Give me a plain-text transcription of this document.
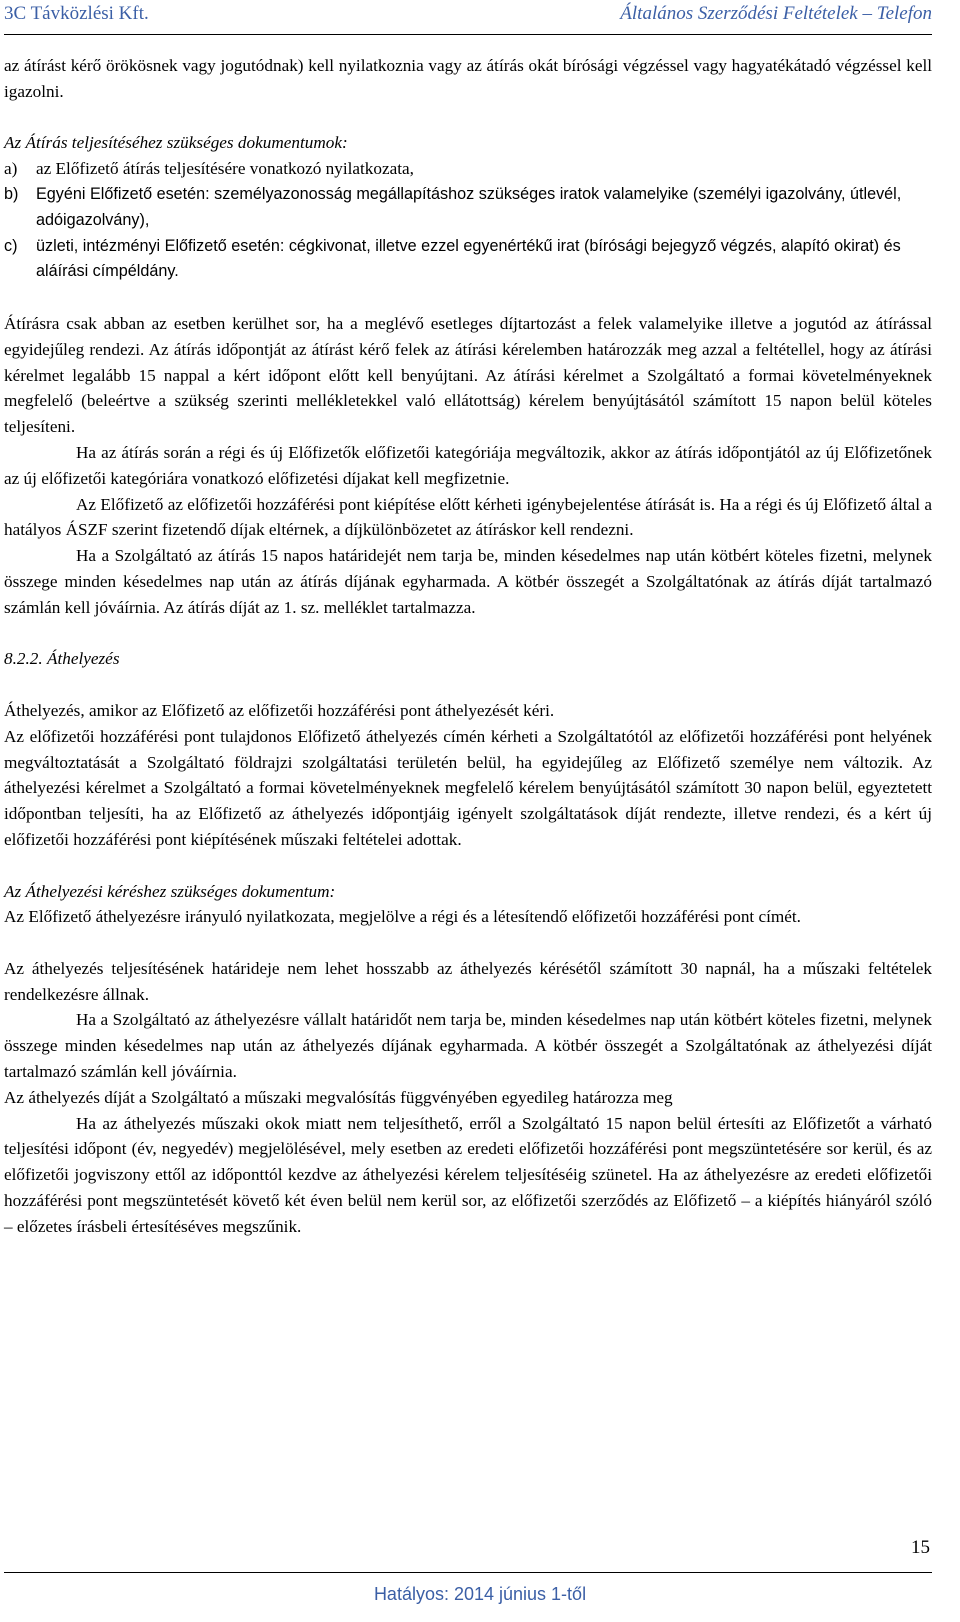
3C Távközlési Kft.	Általános Szerződési Feltételek – Telefon

az átírást kérő örökösnek vagy jogutódnak) kell nyilatkoznia vagy az átírás okát bírósági végzéssel vagy hagyatékátadó végzéssel kell igazolni.

Az Átírás teljesítéséhez szükséges dokumentumok:

a)	az Előfizető átírás teljesítésére vonatkozó nyilatkozata,
b)	Egyéni Előfizető esetén: személyazonosság megállapításhoz szükséges iratok valamelyike (személyi igazolvány, útlevél, adóigazolvány),
c)	üzleti, intézményi Előfizető esetén: cégkivonat, illetve ezzel egyenértékű irat (bírósági bejegyző végzés, alapító okirat) és aláírási címpéldány.

Átírásra csak abban az esetben kerülhet sor, ha a meglévő esetleges díjtartozást a felek valamelyike illetve a jogutód az átírással egyidejűleg rendezi. Az átírás időpontját az átírást kérő felek az átírási kérelemben határozzák meg azzal a feltétellel, hogy az átírási kérelmet legalább 15 nappal a kért időpont előtt kell benyújtani. Az átírási kérelmet a Szolgáltató a formai követelményeknek megfelelő (beleértve a szükség szerinti mellékletekkel való ellátottság) kérelem benyújtásától számított 15 napon belül köteles teljesíteni.

Ha az átírás során a régi és új Előfizetők előfizetői kategóriája megváltozik, akkor az átírás időpontjától az új Előfizetőnek az új előfizetői kategóriára vonatkozó előfizetési díjakat kell megfizetnie.

Az Előfizető az előfizetői hozzáférési pont kiépítése előtt kérheti igénybejelentése átírását is. Ha a régi és új Előfizető által a hatályos ÁSZF szerint fizetendő díjak eltérnek, a díjkülönbözetet az átíráskor kell rendezni.

Ha a Szolgáltató az átírás 15 napos határidejét nem tarja be, minden késedelmes nap után kötbért köteles fizetni, melynek összege minden késedelmes nap után az átírás díjának egyharmada. A kötbér összegét a Szolgáltatónak az átírás díját tartalmazó számlán kell jóváírnia. Az átírás díját az 1. sz. melléklet tartalmazza.

8.2.2. Áthelyezés

Áthelyezés, amikor az Előfizető az előfizetői hozzáférési pont áthelyezését kéri.

Az előfizetői hozzáférési pont tulajdonos Előfizető áthelyezés címén kérheti a Szolgáltatótól az előfizetői hozzáférési pont helyének megváltoztatását a Szolgáltató földrajzi szolgáltatási területén belül, ha egyidejűleg az Előfizető személye nem változik. Az áthelyezési kérelmet a Szolgáltató a formai követelményeknek megfelelő kérelem benyújtásától számított 30 napon belül, egyeztetett időpontban teljesíti, ha az Előfizető az áthelyezés időpontjáig igényelt szolgáltatások díját rendezte, illetve rendezi, és a kért új előfizetői hozzáférési pont kiépítésének műszaki feltételei adottak.

Az Áthelyezési kéréshez szükséges dokumentum:

Az Előfizető áthelyezésre irányuló nyilatkozata, megjelölve a régi és a létesítendő előfizetői hozzáférési pont címét.

Az áthelyezés teljesítésének határideje nem lehet hosszabb az áthelyezés kérésétől számított 30 napnál, ha a műszaki feltételek rendelkezésre állnak.

Ha a Szolgáltató az áthelyezésre vállalt határidőt nem tarja be, minden késedelmes nap után kötbért köteles fizetni, melynek összege minden késedelmes nap után az áthelyezés díjának egyharmada. A kötbér összegét a Szolgáltatónak az áthelyezési díját tartalmazó számlán kell jóváírnia.

Az áthelyezés díját a Szolgáltató a műszaki megvalósítás függvényében egyedileg határozza meg

Ha az áthelyezés műszaki okok miatt nem teljesíthető, erről a Szolgáltató 15 napon belül értesíti az Előfizetőt a várható teljesítési időpont (év, negyedév) megjelölésével, mely esetben az eredeti előfizetői hozzáférési pont megszüntetésére sor kerül, és az előfizetői jogviszony ettől az időponttól kezdve az áthelyezési kérelem teljesítéséig szünetel. Ha az áthelyezésre az eredeti előfizetői hozzáférési pont megszüntetését követő két éven belül nem kerül sor, az előfizetői szerződés az Előfizető – a kiépítés hiányáról szóló – előzetes írásbeli értesítéséves megszűnik.

15
Hatályos: 2014 június 1-től
